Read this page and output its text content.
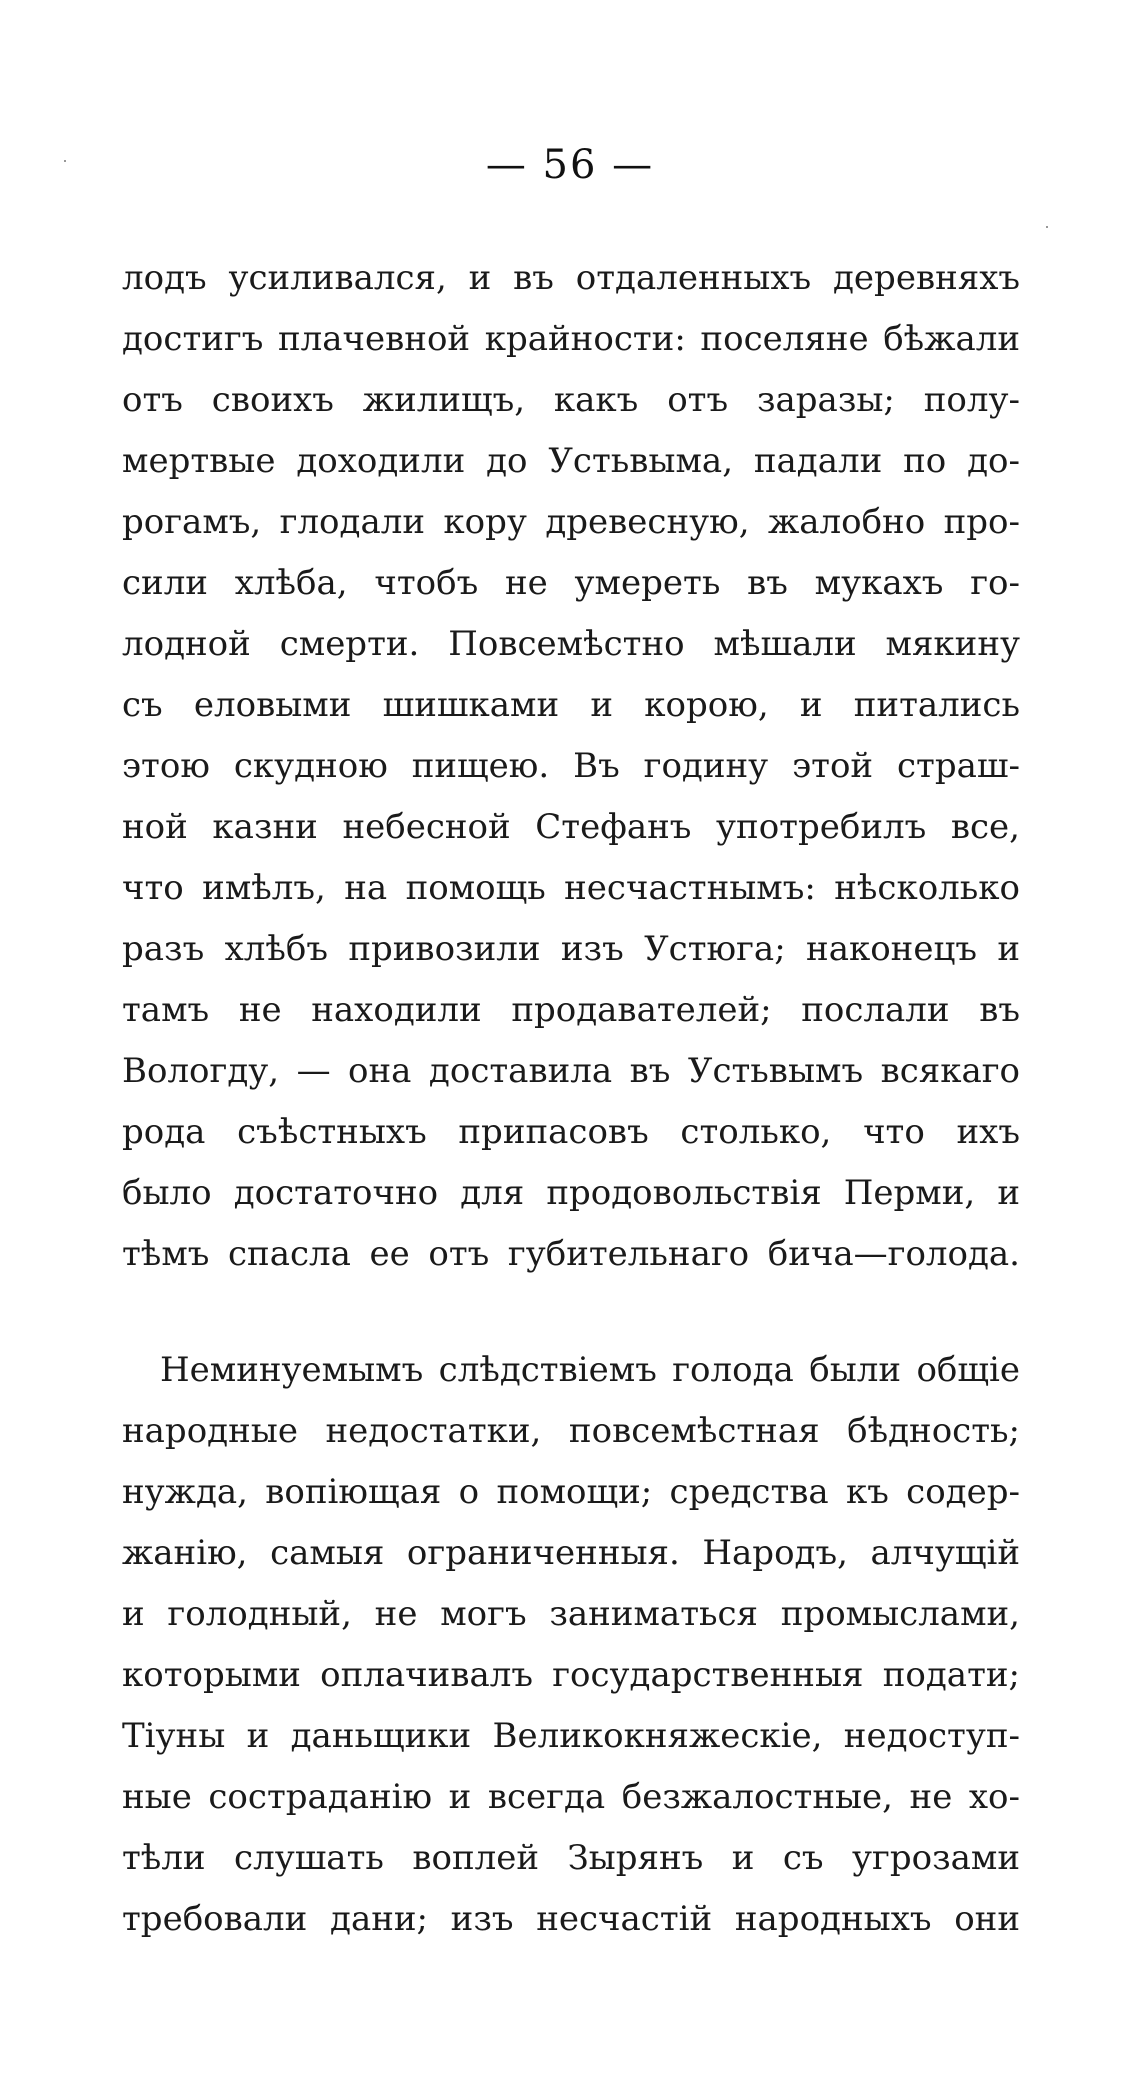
— 56 —
лодъ усиливался, и въ отдаленныхъ деревняхъ
достигъ плачевной крайности: поселяне бѣжали
отъ своихъ жилищъ, какъ отъ заразы; полу-
мертвые доходили до Устьвыма, падали по до-
рогамъ, глодали кору древесную, жалобно про-
сили хлѣба, чтобъ не умереть въ мукахъ го-
лодной смерти. Повсемѣстно мѣшали мякину
съ еловыми шишками и корою, и питались
этою скудною пищею. Въ годину этой страш-
ной казни небесной Стефанъ употребилъ все,
что имѣлъ, на помощь несчастнымъ: нѣсколько
разъ хлѣбъ привозили изъ Устюга; наконецъ и
тамъ не находили продавателей; послали въ
Вологду, — она доставила въ Устьвымъ всякаго
рода съѣстныхъ припасовъ столько, что ихъ
было достаточно для продовольствія Перми, и
тѣмъ спасла ее отъ губительнаго бича—голода.
Неминуемымъ слѣдствіемъ голода были общіе
народные недостатки, повсемѣстная бѣдность;
нужда, вопіющая о помощи; средства къ содер-
жанію, самыя ограниченныя. Народъ, алчущій
и голодный, не могъ заниматься промыслами,
которыми оплачивалъ государственныя подати;
Тіуны и даньщики Великокняжескіе, недоступ-
ные состраданію и всегда безжалостные, не хо-
тѣли слушать воплей Зырянъ и съ угрозами
требовали дани; изъ несчастій народныхъ они
